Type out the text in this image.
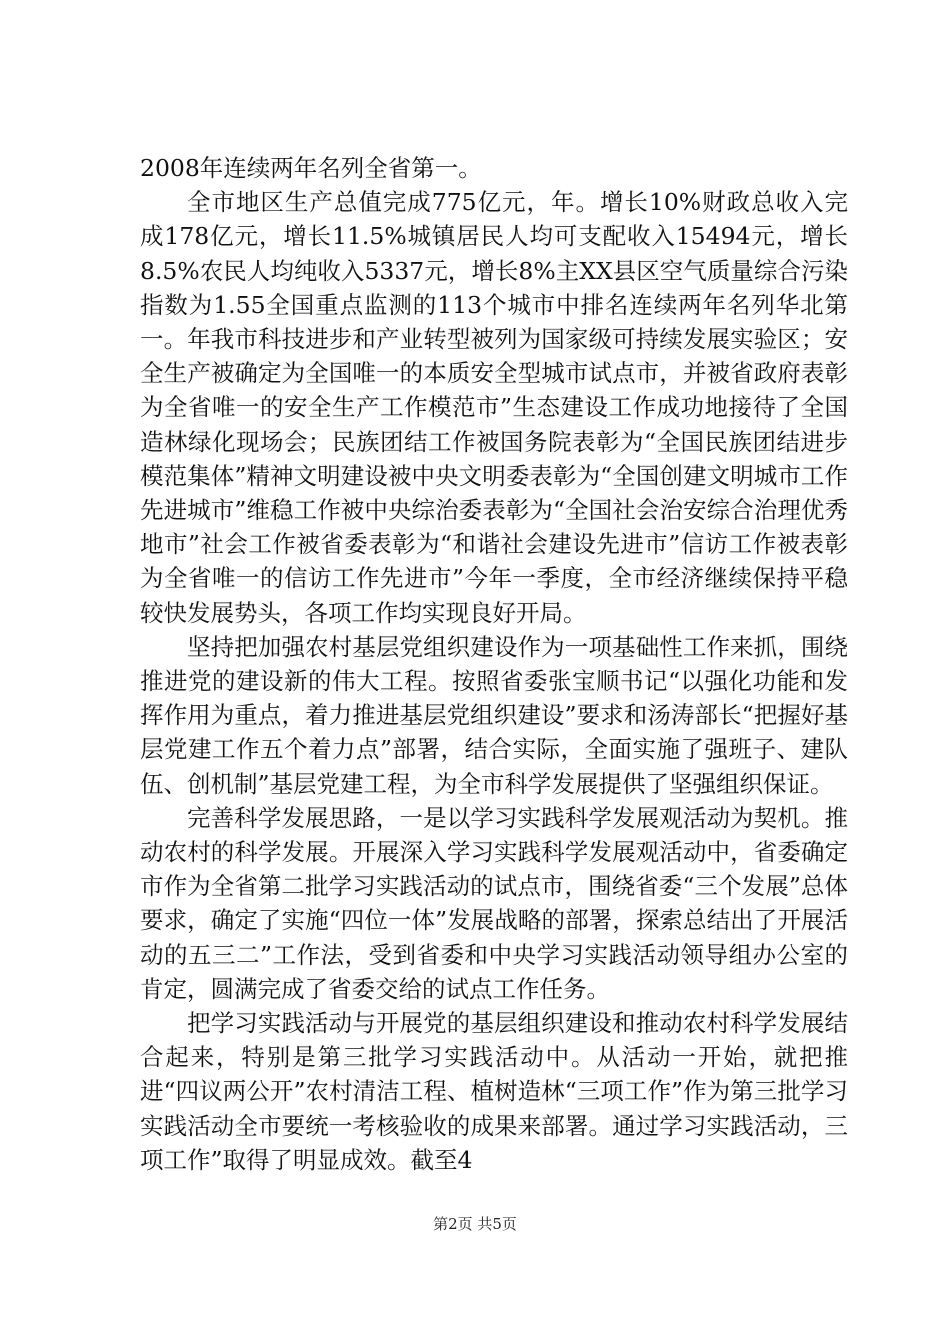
2008年连续两年名列全省第一。

全市地区生产总值完成775亿元，年。增长10%财政总收入完成178亿元，增长11.5%城镇居民人均可支配收入15494元，增长8.5%农民人均纯收入5337元，增长8%主XX县区空气质量综合污染指数为1.55全国重点监测的113个城市中排名连续两年名列华北第一。年我市科技进步和产业转型被列为国家级可持续发展实验区；安全生产被确定为全国唯一的本质安全型城市试点市，并被省政府表彰为全省唯一的安全生产工作模范市”生态建设工作成功地接待了全国造林绿化现场会；民族团结工作被国务院表彰为“全国民族团结进步模范集体”精神文明建设被中央文明委表彰为“全国创建文明城市工作先进城市”维稳工作被中央综治委表彰为“全国社会治安综合治理优秀地市”社会工作被省委表彰为“和谐社会建设先进市”信访工作被表彰为全省唯一的信访工作先进市”今年一季度，全市经济继续保持平稳较快发展势头，各项工作均实现良好开局。

坚持把加强农村基层党组织建设作为一项基础性工作来抓，围绕推进党的建设新的伟大工程。按照省委张宝顺书记“以强化功能和发挥作用为重点，着力推进基层党组织建设”要求和汤涛部长“把握好基层党建工作五个着力点”部署，结合实际，全面实施了强班子、建队伍、创机制”基层党建工程，为全市科学发展提供了坚强组织保证。

完善科学发展思路，一是以学习实践科学发展观活动为契机。推动农村的科学发展。开展深入学习实践科学发展观活动中，省委确定市作为全省第二批学习实践活动的试点市，围绕省委“三个发展”总体要求，确定了实施“四位一体”发展战略的部署，探索总结出了开展活动的五三二”工作法，受到省委和中央学习实践活动领导组办公室的肯定，圆满完成了省委交给的试点工作任务。

把学习实践活动与开展党的基层组织建设和推动农村科学发展结合起来，特别是第三批学习实践活动中。从活动一开始，就把推进“四议两公开”农村清洁工程、植树造林“三项工作”作为第三批学习实践活动全市要统一考核验收的成果来部署。通过学习实践活动，三项工作”取得了明显成效。截至4

第2页 共5页
